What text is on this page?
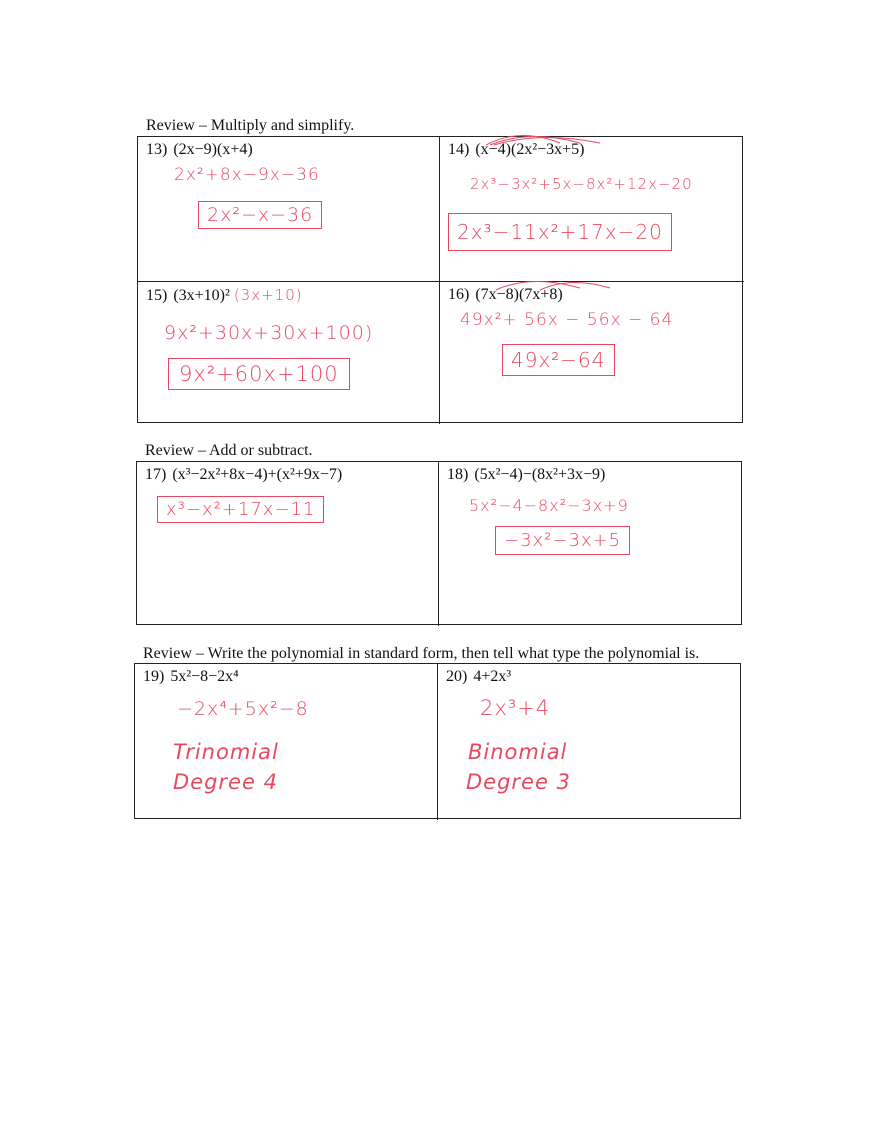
Review – Multiply and simplify.
13) (2x−9)(x+4)
2x²+8x−9x−36
2x²−x−36
14) (x−4)(2x²−3x+5)
2x³−3x²+5x−8x²+12x−20
2x³−11x²+17x−20
15) (3x+10)² (3x+10)
9x²+30x+30x+100)
9x²+60x+100
16) (7x−8)(7x+8)
49x²+ 56x − 56x − 64
49x²−64
Review – Add or subtract.
17) (x³−2x²+8x−4)+(x²+9x−7)
x³−x²+17x−11
18) (5x²−4)−(8x²+3x−9)
5x²−4−8x²−3x+9
−3x²−3x+5
Review – Write the polynomial in standard form, then tell what type the polynomial is.
19) 5x²−8−2x⁴
−2x⁴+5x²−8
Trinomial
Degree 4
20) 4+2x³
2x³+4
Binomial
Degree 3
